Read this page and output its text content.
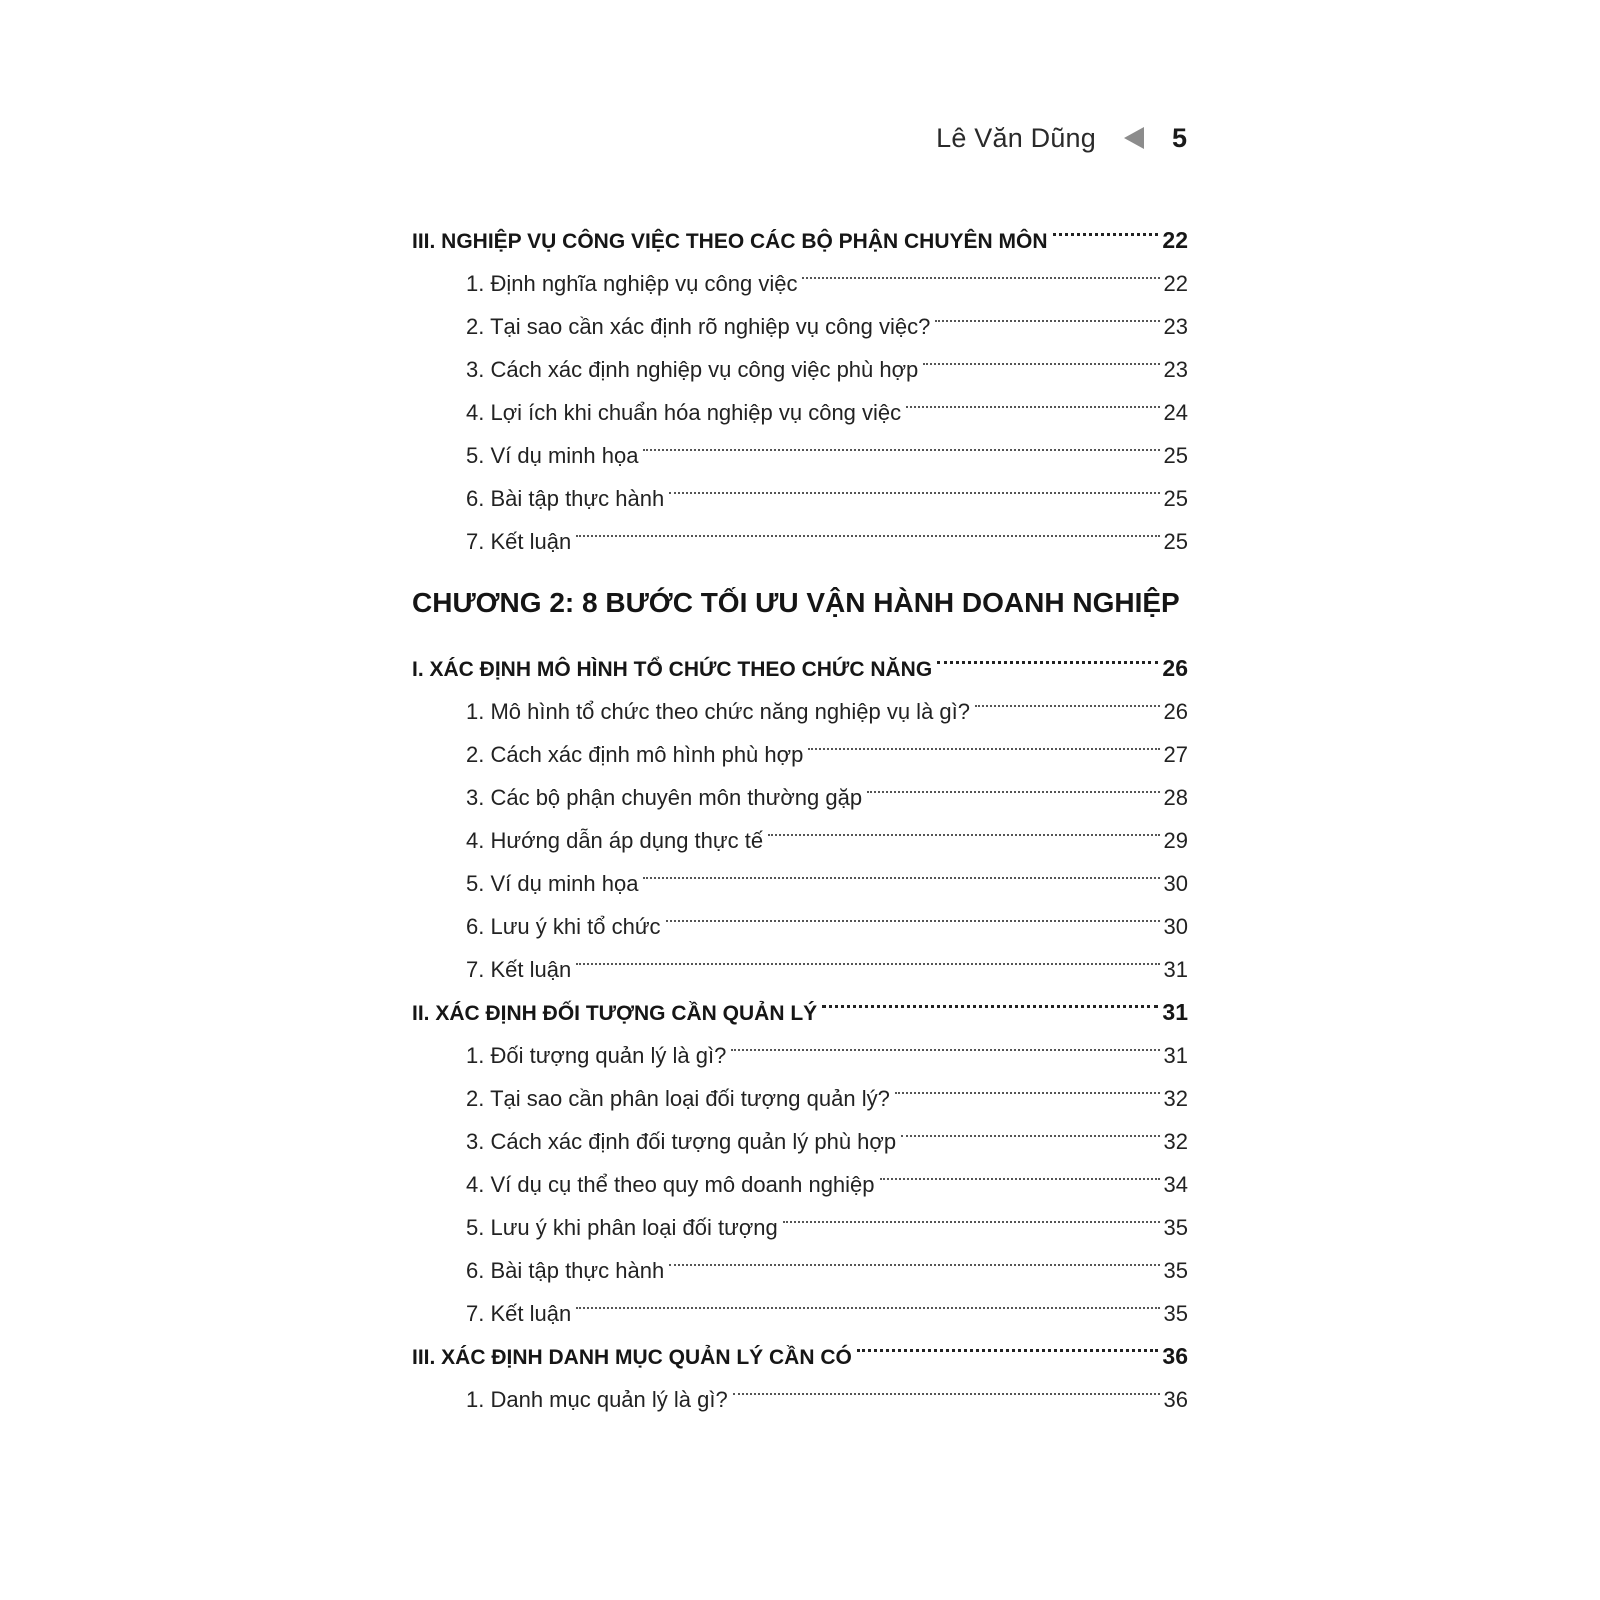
Lê Văn Dũng	5
III. NGHIỆP VỤ CÔNG VIỆC THEO CÁC BỘ PHẬN CHUYÊN MÔN	22
1. Định nghĩa nghiệp vụ công việc	22
2. Tại sao cần xác định rõ nghiệp vụ công việc?	23
3. Cách xác định nghiệp vụ công việc phù hợp	23
4. Lợi ích khi chuẩn hóa nghiệp vụ công việc	24
5. Ví dụ minh họa	25
6. Bài tập thực hành	25
7. Kết luận	25
CHƯƠNG 2: 8 BƯỚC TỐI ƯU VẬN HÀNH DOANH NGHIỆP
I. XÁC ĐỊNH MÔ HÌNH TỔ CHỨC THEO CHỨC NĂNG	26
1. Mô hình tổ chức theo chức năng nghiệp vụ là gì?	26
2. Cách xác định mô hình phù hợp	27
3. Các bộ phận chuyên môn thường gặp	28
4. Hướng dẫn áp dụng thực tế	29
5. Ví dụ minh họa	30
6. Lưu ý khi tổ chức	30
7. Kết luận	31
II. XÁC ĐỊNH ĐỐI TƯỢNG CẦN QUẢN LÝ	31
1. Đối tượng quản lý là gì?	31
2. Tại sao cần phân loại đối tượng quản lý?	32
3. Cách xác định đối tượng quản lý phù hợp	32
4. Ví dụ cụ thể theo quy mô doanh nghiệp	34
5. Lưu ý khi phân loại đối tượng	35
6. Bài tập thực hành	35
7. Kết luận	35
III. XÁC ĐỊNH DANH MỤC QUẢN LÝ CẦN CÓ	36
1. Danh mục quản lý là gì?	36
